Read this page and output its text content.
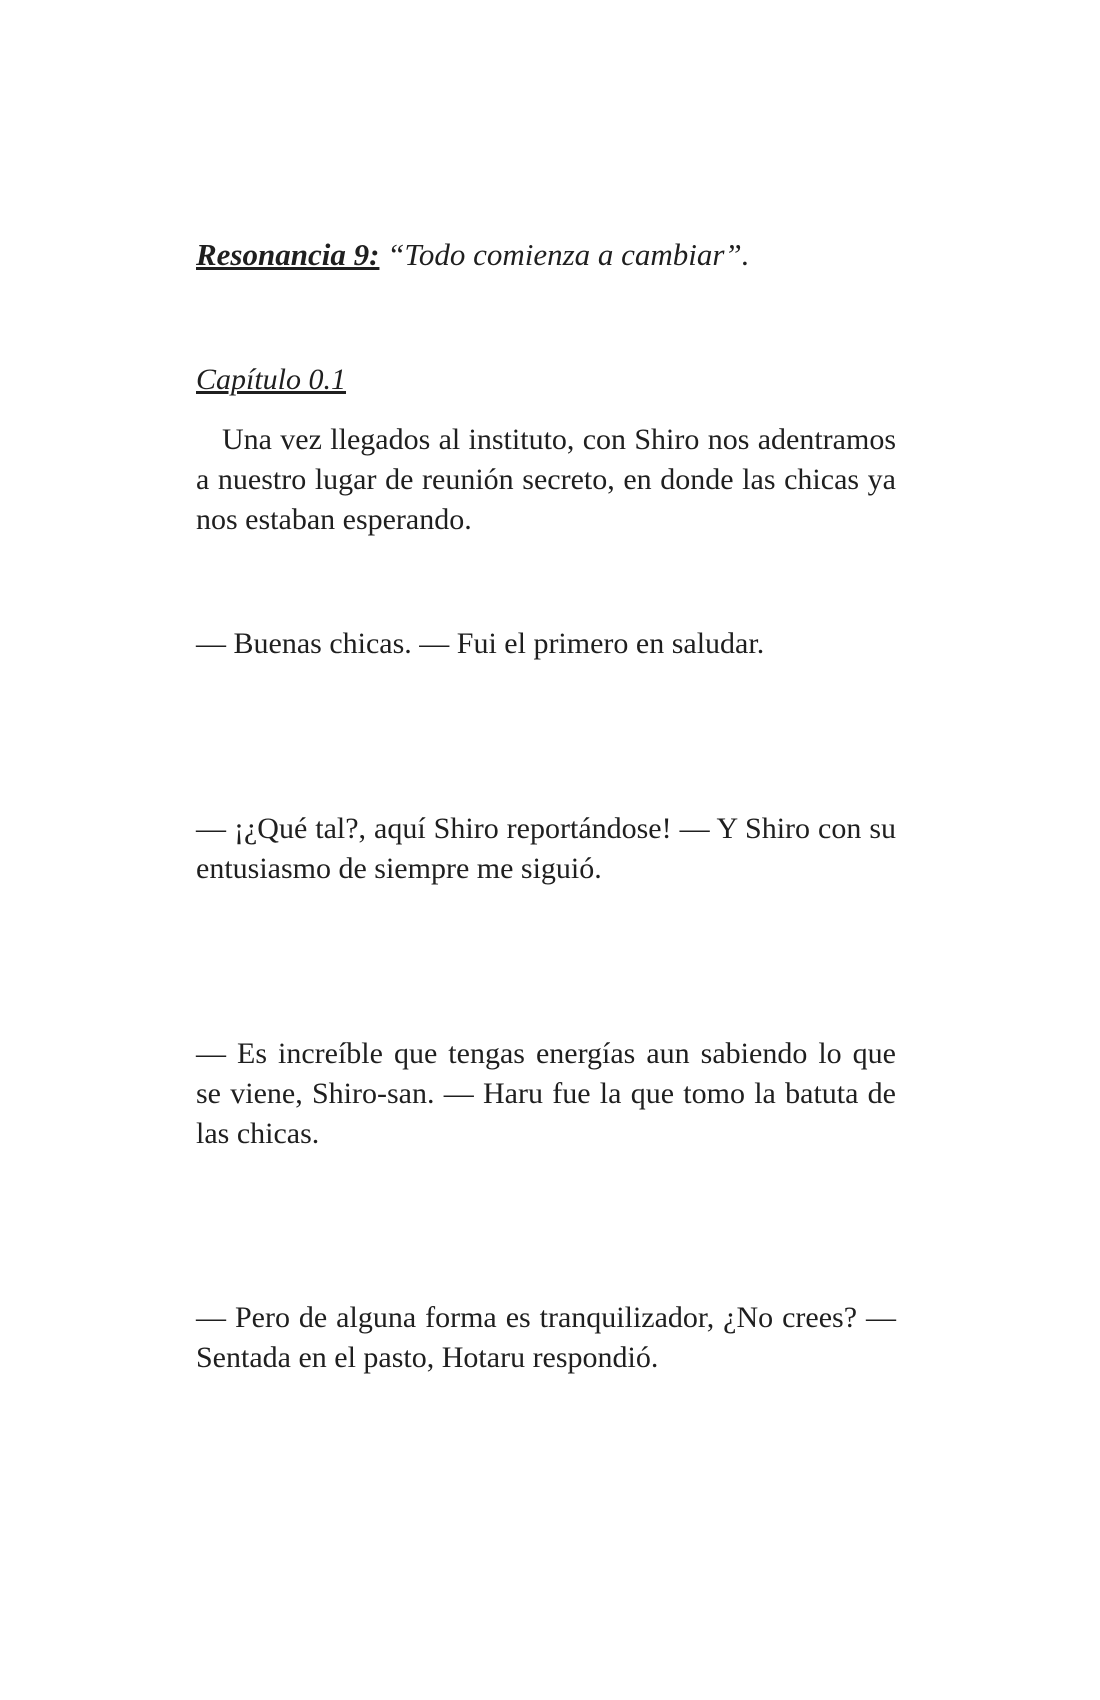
Resonancia 9: “Todo comienza a cambiar”.
Capítulo 0.1

Una vez llegados al instituto, con Shiro nos adentramos a nuestro lugar de reunión secreto, en donde las chicas ya nos estaban esperando.

— Buenas chicas. — Fui el primero en saludar.

— ¡¿Qué tal?, aquí Shiro reportándose! — Y Shiro con su entusiasmo de siempre me siguió.

— Es increíble que tengas energías aun sabiendo lo que se viene, Shiro-san. — Haru fue la que tomo la batuta de las chicas.

— Pero de alguna forma es tranquilizador, ¿No crees? — Sentada en el pasto, Hotaru respondió.
